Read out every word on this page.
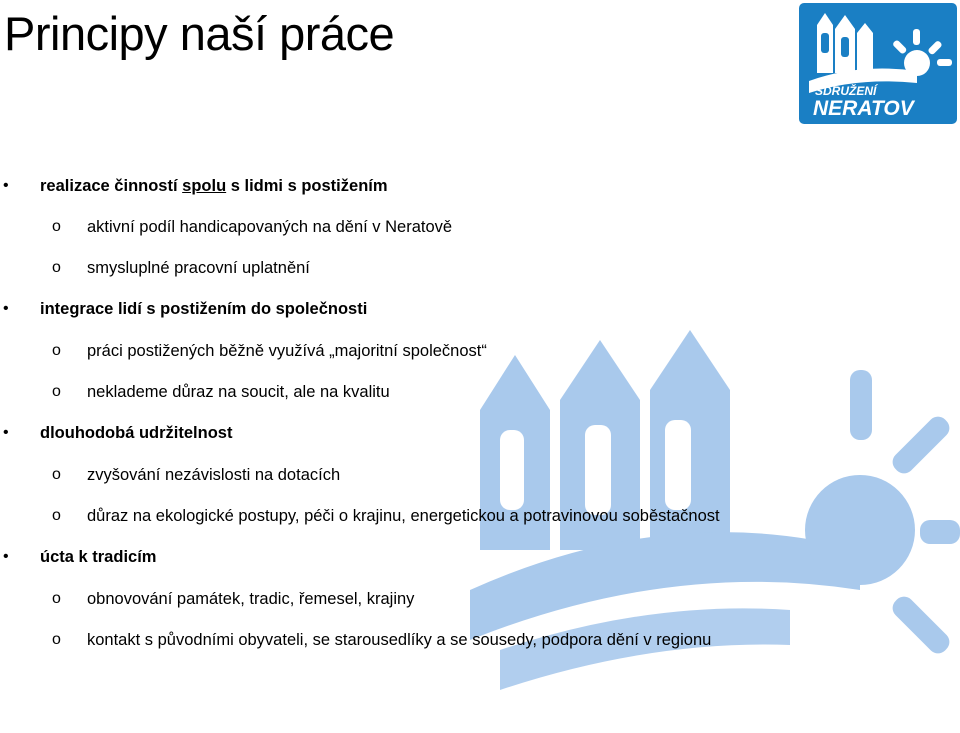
Principy naší práce
SDRUŽENÍ
NERATOV
• realizace činností spolu s lidmi s postižením
o aktivní podíl handicapovaných na dění v Neratově
o smysluplné pracovní uplatnění
• integrace lidí s postižením do společnosti
o práci postižených běžně využívá „majoritní společnost“
o neklademe důraz na soucit, ale na kvalitu
• dlouhodobá udržitelnost
o zvyšování nezávislosti na dotacích
o důraz na ekologické postupy, péči o krajinu, energetickou a potravinovou soběstačnost
• úcta k tradicím
o obnovování památek, tradic, řemesel, krajiny
o kontakt s původními obyvateli, se starousedlíky a se sousedy, podpora dění v regionu
